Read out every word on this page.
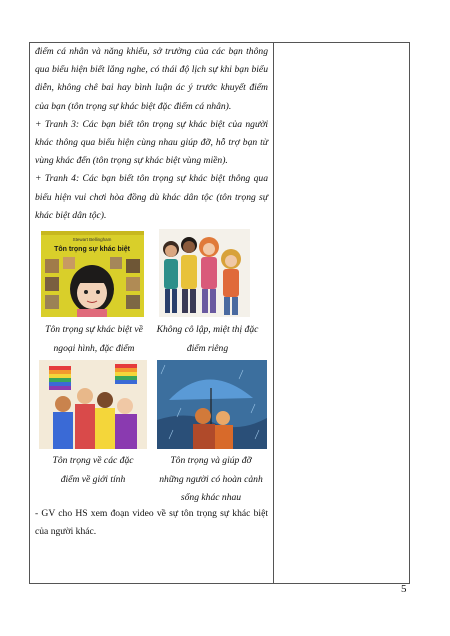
điểm cá nhân và năng khiếu, sở trường của các bạn thông qua biểu hiện biết lắng nghe, có thái độ lịch sự khi bạn biểu diễn, không chê bai hay bình luận ác ý trước khuyết điểm của bạn (tôn trọng sự khác biệt đặc điểm cá nhân).

+ Tranh 3: Các bạn biết tôn trọng sự khác biệt của người khác thông qua biểu hiện cùng nhau giúp đỡ, hỗ trợ bạn từ vùng khác đến (tôn trọng sự khác biệt vùng miền).

+ Tranh 4: Các bạn biết tôn trọng sự khác biệt thông qua biểu hiện vui chơi hòa đồng dù khác dân tộc (tôn trọng sự khác biệt dân tộc).

Stewart Bellingham
Tôn trọng sự khác biệt
Tôn trọng sự khác biệt về ngoại hình, đặc điểm
Không cô lập, miệt thị đặc điểm riêng
Tôn trọng về các đặc điểm về giới tính
Tôn trọng và giúp đỡ những người có hoàn cảnh sống khác nhau

- GV cho HS xem đoạn video về sự tôn trọng sự khác biệt của người khác.

5
